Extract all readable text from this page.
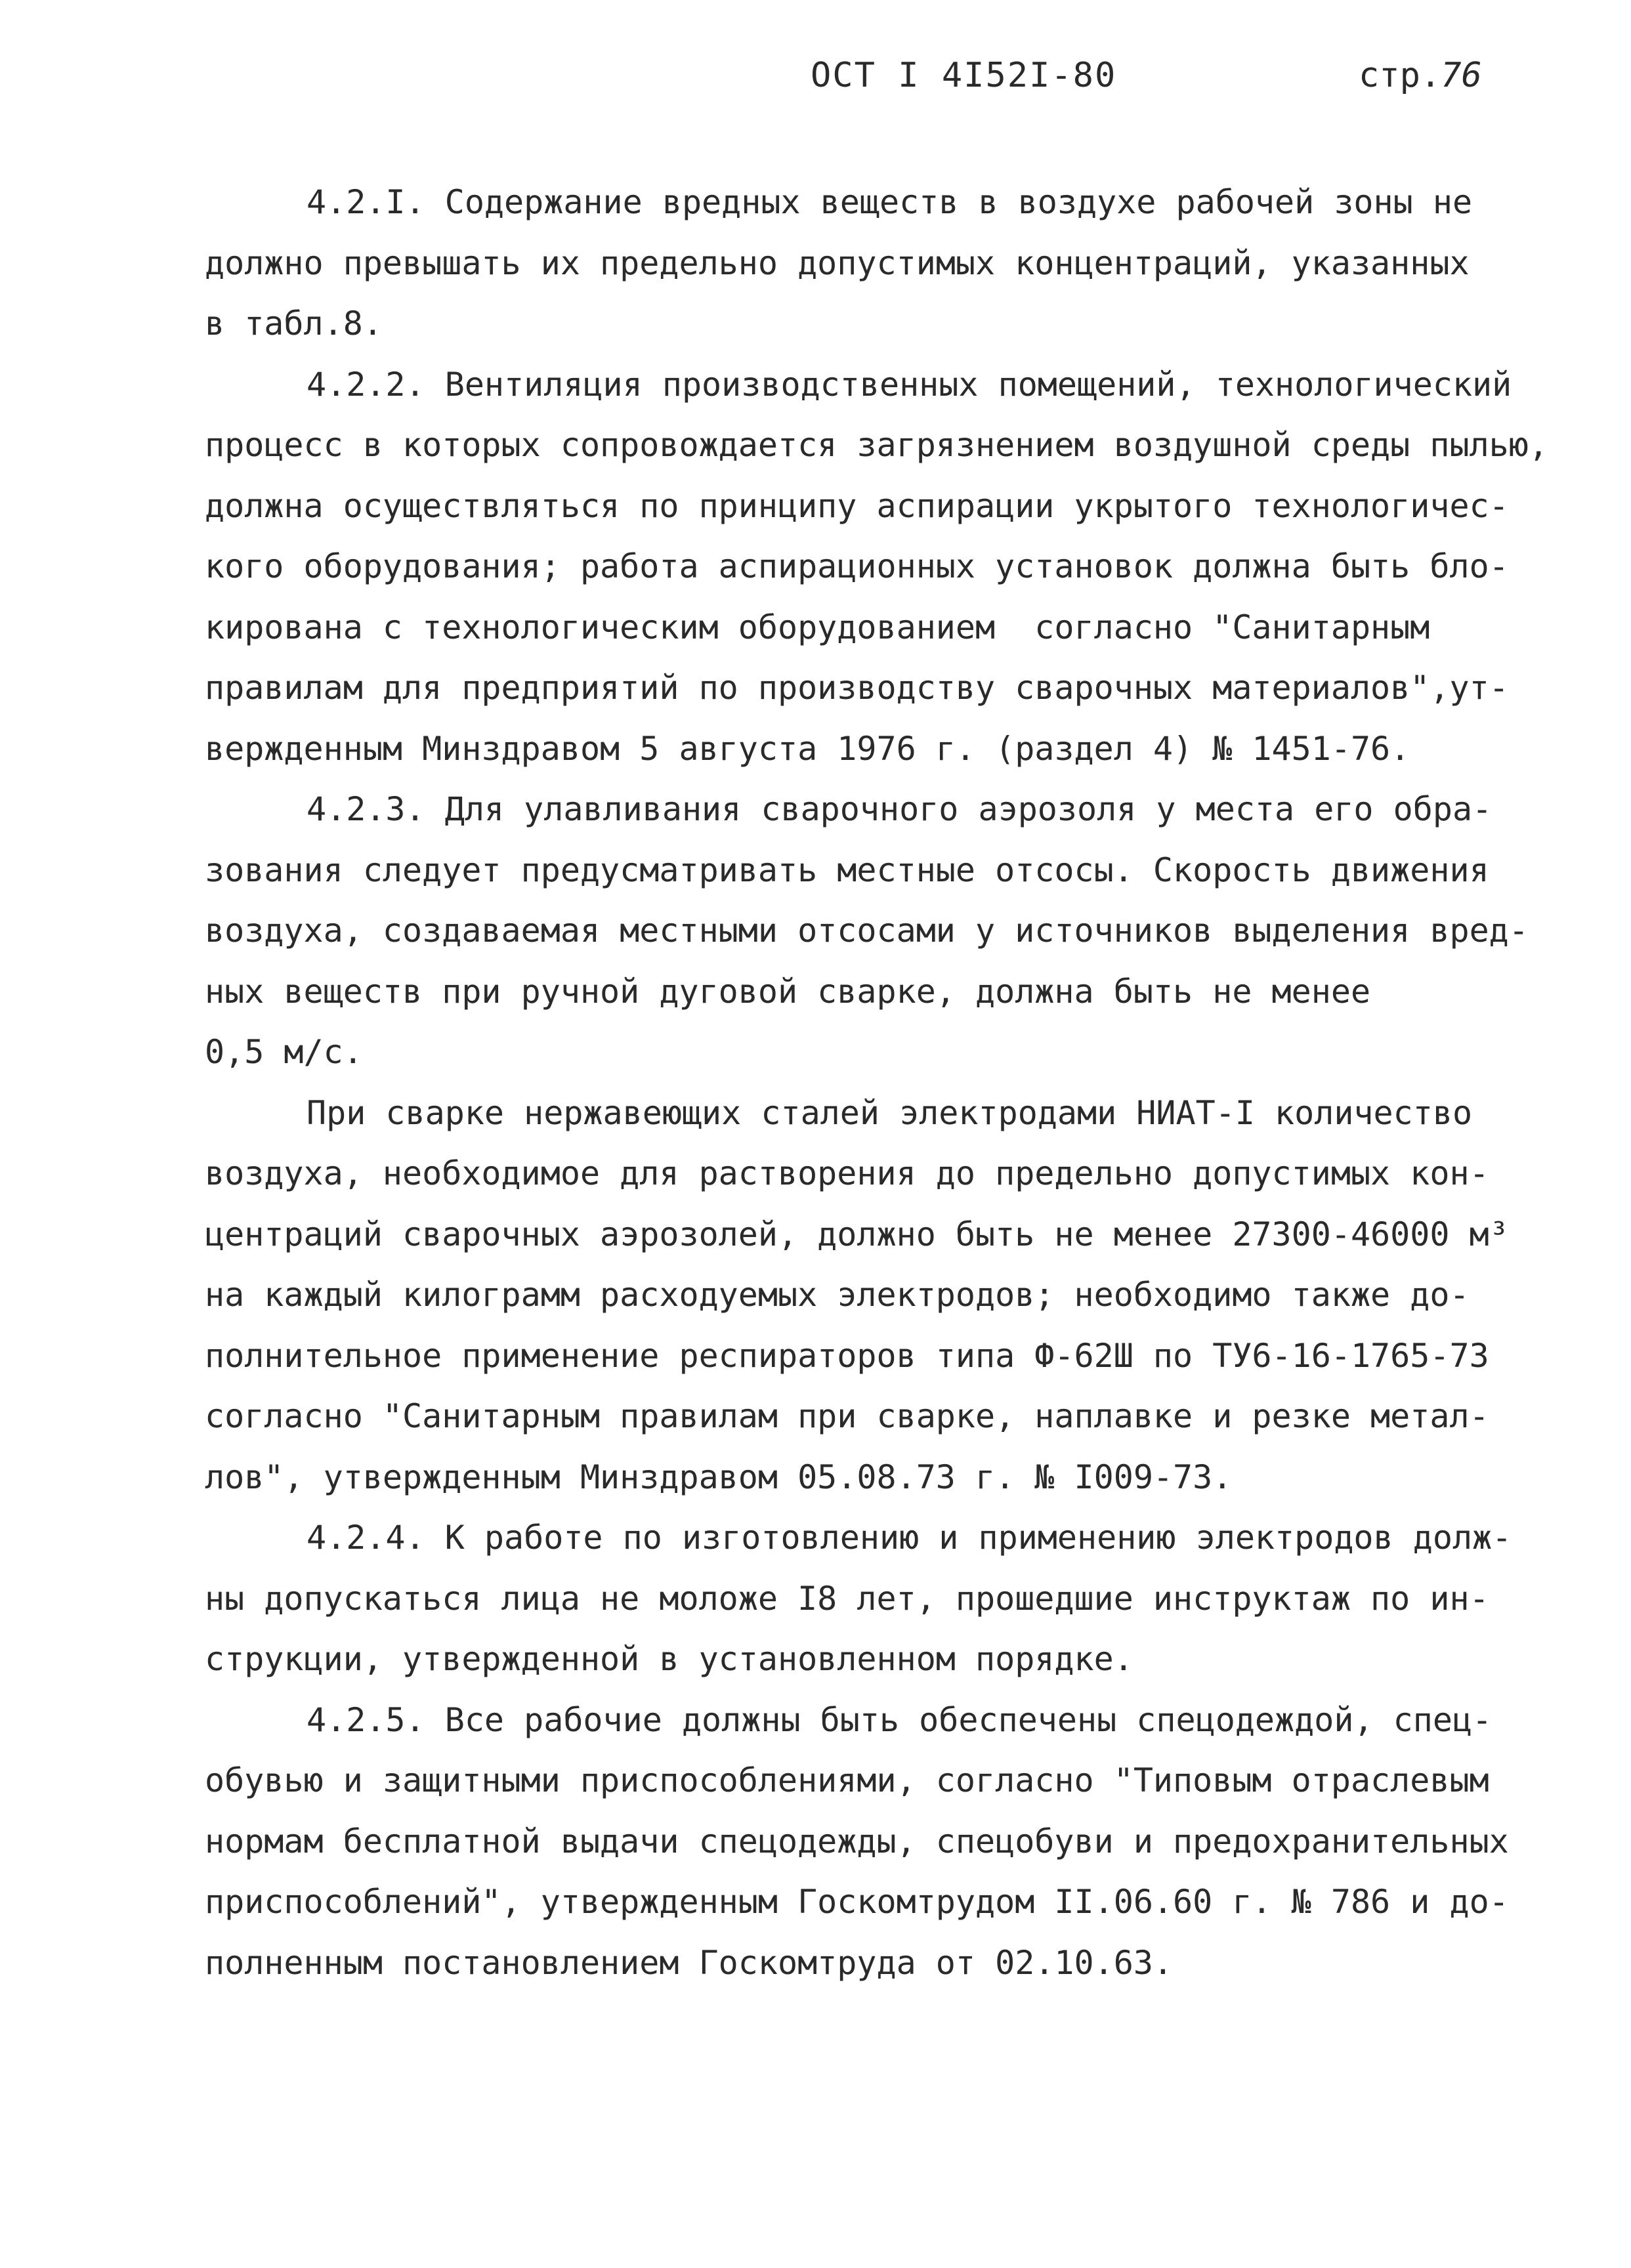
ОСТ I 4I52I-80	стр.76
4.2.I. Содержание вредных веществ в воздухе рабочей зоны не
должно превышать их предельно допустимых концентраций, указанных
в табл.8.
4.2.2. Вентиляция производственных помещений, технологический
процесс в которых сопровождается загрязнением воздушной среды пылью,
должна осуществляться по принципу аспирации укрытого технологичес-
кого оборудования; работа аспирационных установок должна быть бло-
кирована с технологическим оборудованием  согласно "Санитарным
правилам для предприятий по производству сварочных материалов",ут-
вержденным Минздравом 5 августа 1976 г. (раздел 4) № 1451-76.
4.2.3. Для улавливания сварочного аэрозоля у места его обра-
зования следует предусматривать местные отсосы. Скорость движения
воздуха, создаваемая местными отсосами у источников выделения вред-
ных веществ при ручной дуговой сварке, должна быть не менее
0,5 м/с.
При сварке нержавеющих сталей электродами НИАТ-I количество
воздуха, необходимое для растворения до предельно допустимых кон-
центраций сварочных аэрозолей, должно быть не менее 27300-46000 м³
на каждый килограмм расходуемых электродов; необходимо также до-
полнительное применение респираторов типа Ф-62Ш по ТУ6-16-1765-73
согласно "Санитарным правилам при сварке, наплавке и резке метал-
лов", утвержденным Минздравом 05.08.73 г. № I009-73.
4.2.4. К работе по изготовлению и применению электродов долж-
ны допускаться лица не моложе I8 лет, прошедшие инструктаж по ин-
струкции, утвержденной в установленном порядке.
4.2.5. Все рабочие должны быть обеспечены спецодеждой, спец-
обувью и защитными приспособлениями, согласно "Типовым отраслевым
нормам бесплатной выдачи спецодежды, спецобуви и предохранительных
приспособлений", утвержденным Госкомтрудом II.06.60 г. № 786 и до-
полненным постановлением Госкомтруда от 02.10.63.
